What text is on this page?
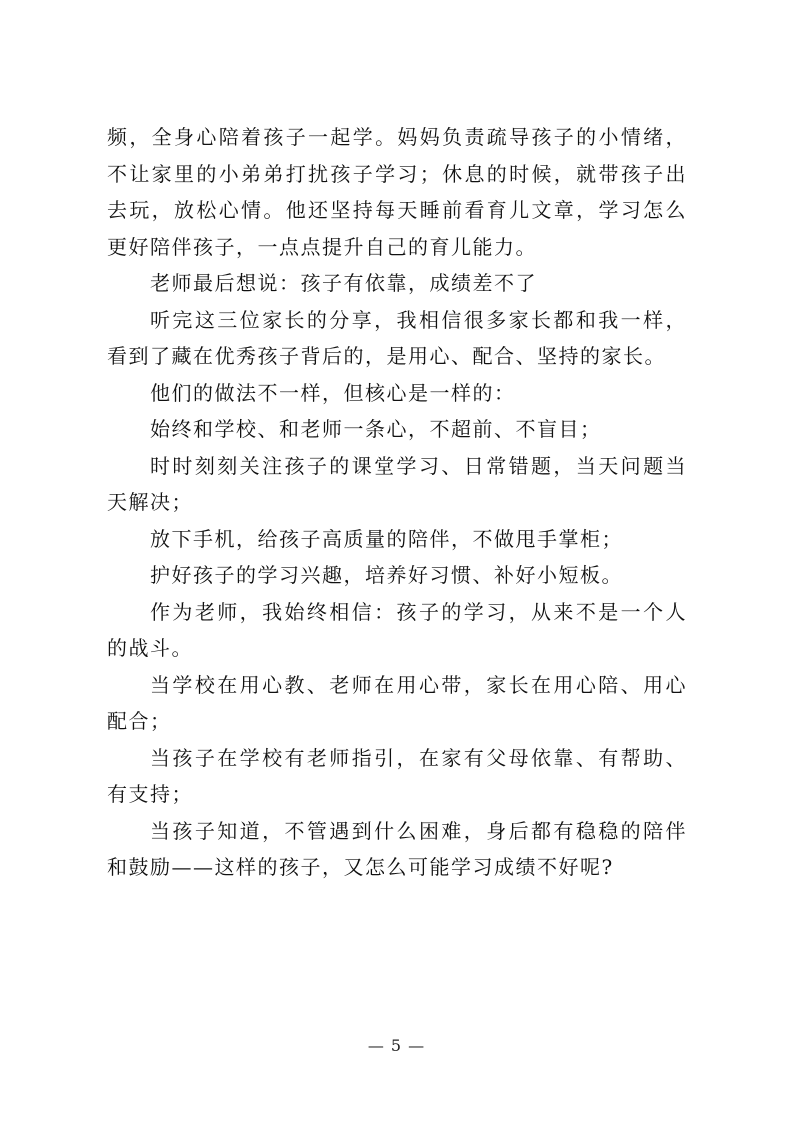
频，全身心陪着孩子一起学。妈妈负责疏导孩子的小情绪，不让家里的小弟弟打扰孩子学习；休息的时候，就带孩子出去玩，放松心情。他还坚持每天睡前看育儿文章，学习怎么更好陪伴孩子，一点点提升自己的育儿能力。

老师最后想说：孩子有依靠，成绩差不了

听完这三位家长的分享，我相信很多家长都和我一样，看到了藏在优秀孩子背后的，是用心、配合、坚持的家长。

他们的做法不一样，但核心是一样的：

始终和学校、和老师一条心，不超前、不盲目；

时时刻刻关注孩子的课堂学习、日常错题，当天问题当天解决；

放下手机，给孩子高质量的陪伴，不做甩手掌柜；

护好孩子的学习兴趣，培养好习惯、补好小短板。

作为老师，我始终相信：孩子的学习，从来不是一个人的战斗。

当学校在用心教、老师在用心带，家长在用心陪、用心配合；

当孩子在学校有老师指引，在家有父母依靠、有帮助、有支持；

当孩子知道，不管遇到什么困难，身后都有稳稳的陪伴和鼓励——这样的孩子，又怎么可能学习成绩不好呢?

— 5 —
